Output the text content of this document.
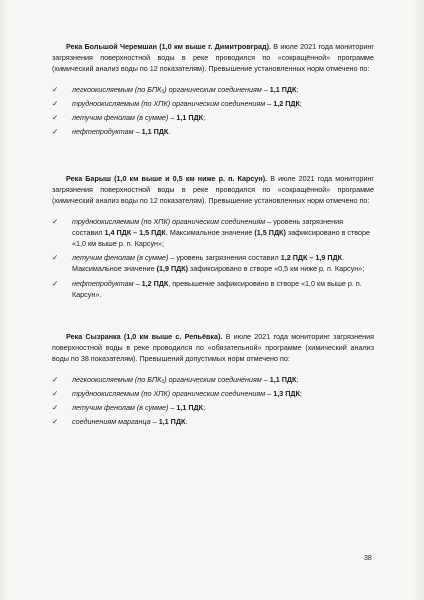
Река Большой Черемшан (1,0 км выше г. Димитровград). В июле 2021 года мониторинг загрязнения поверхностной воды в реке проводился по «сокращённой» программе (химический анализ воды по 12 показателям). Превышение установленных норм отмечено по:

✓ легкоокисляемым (по БПК₅) органическим соединениям – 1,1 ПДК;
✓ трудноокисляемым (по ХПК) органическим соединениям – 1,2 ПДК;
✓ летучим фенолам (в сумме) – 1,1 ПДК;
✓ нефтепродуктам – 1,1 ПДК.

Река Барыш (1,0 км выше и 0,5 км ниже р. п. Карсун). В июле 2021 года мониторинг загрязнения поверхностной воды в реке проводился по «сокращённой» программе (химический анализ воды по 12 показателям). Превышение установленных норм отмечено по:

✓ трудноокисляемым (по ХПК) органическим соединениям – уровень загрязнения составил 1,4 ПДК – 1,5 ПДК. Максимальное значение (1,5 ПДК) зафиксировано в створе «1,0 км выше р. п. Карсун»;
✓ летучим фенолам (в сумме) – уровень загрязнения составил 1,2 ПДК – 1,9 ПДК. Максимальное значение (1,9 ПДК) зафиксировано в створе «0,5 км ниже р. п. Карсун»;
✓ нефтепродуктам – 1,2 ПДК, превышение зафиксировано в створе «1,0 км выше р. п. Карсун».

Река Сызранка (1,0 км выше с. Репьёвка). В июле 2021 года мониторинг загрязнения поверхностной воды в реке проводился по «обязательной» программе (химический анализ воды по 38 показателям). Превышений допустимых норм отмечено по:

✓ легкоокисляемым (по БПК₅) органическим соединениям – 1,1 ПДК;
✓ трудноокисляемым (по ХПК) органическим соединениям – 1,3 ПДК;
✓ летучим фенолам (в сумме) – 1,1 ПДК;
✓ соединениям марганца – 1,1 ПДК.
38
